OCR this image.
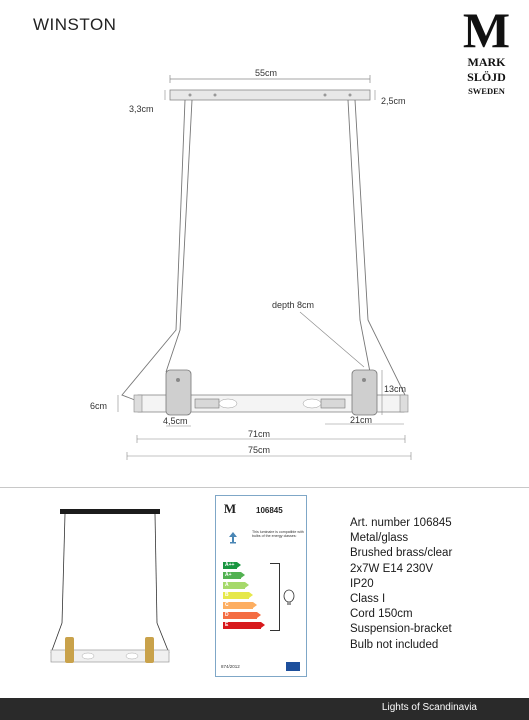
WINSTON	M
MARK
SLÖJD
SWEDEN
55cm
3,3cm
2,5cm
depth 8cm
13cm
6cm
4,5cm	21cm
71cm
75cm
M 106845
This luminaire is compatible with bulbs of the energy classes:
A++
A+
A
B
C
D
E
874/2012
Art. number 106845
Metal/glass
Brushed brass/clear
2x7W E14 230V
IP20
Class I
Cord 150cm
Suspension-bracket
Bulb not included
Lights of Scandinavia
